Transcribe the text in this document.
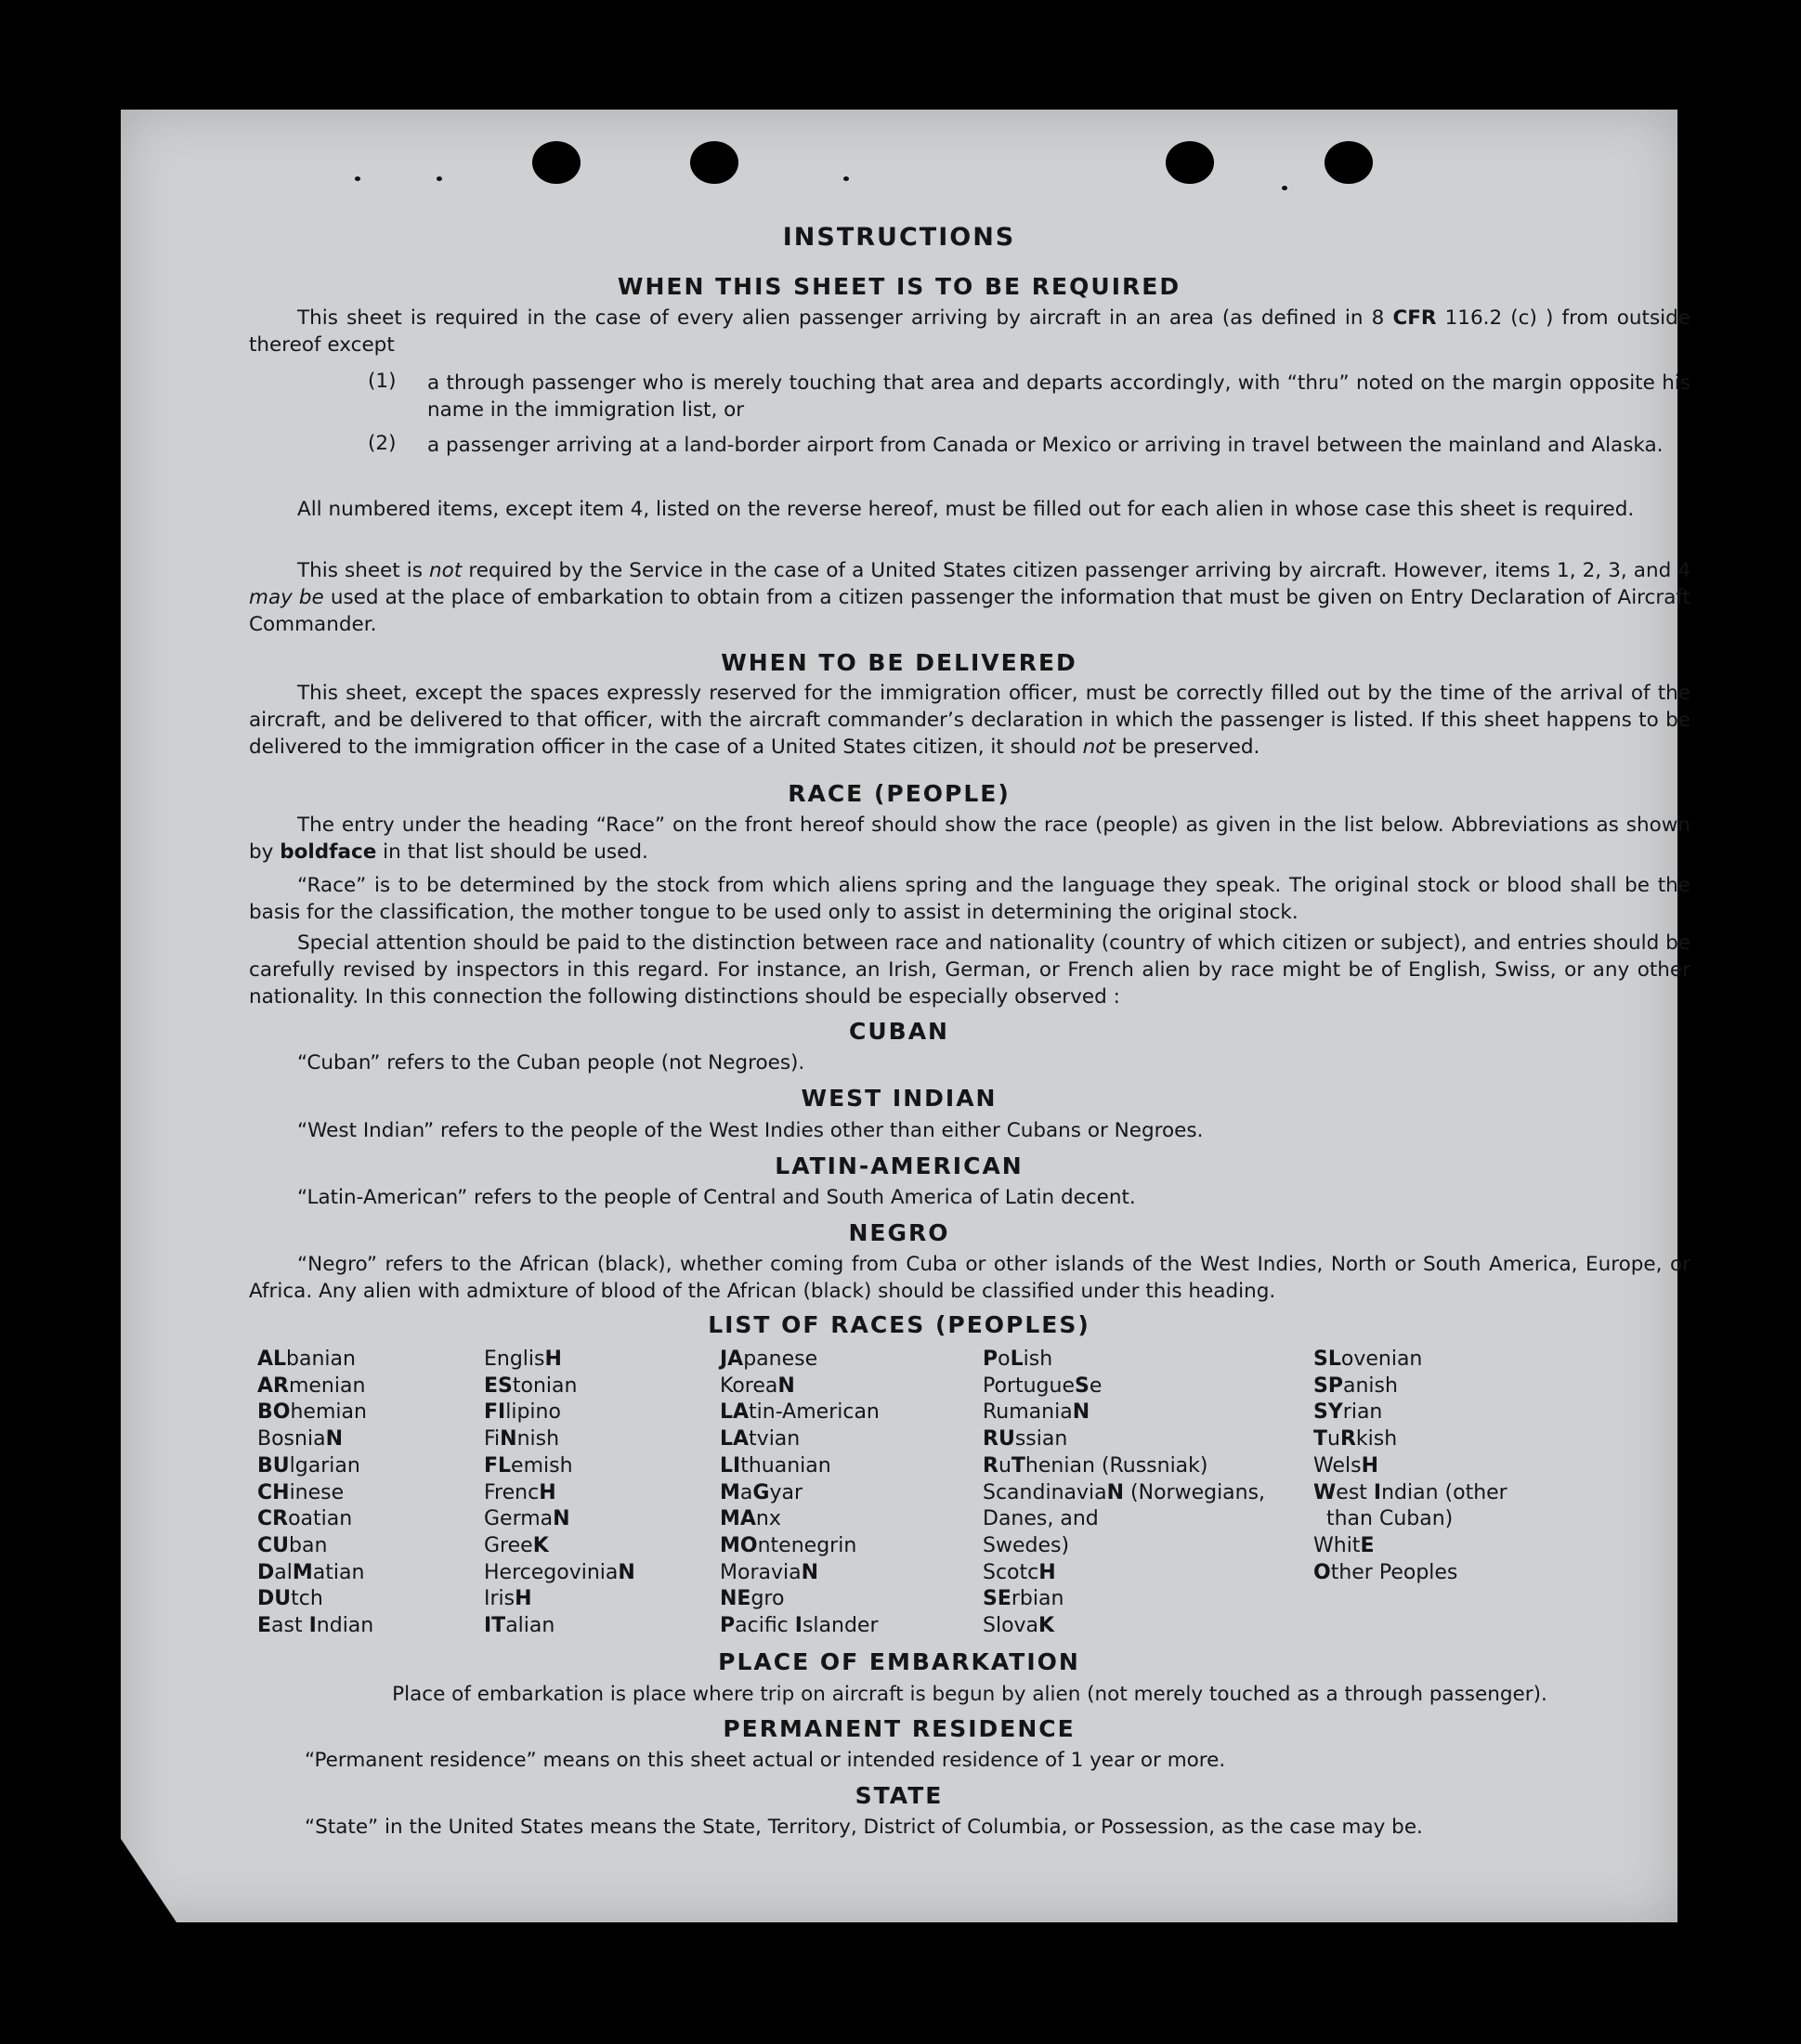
INSTRUCTIONS
WHEN THIS SHEET IS TO BE REQUIRED
This sheet is required in the case of every alien passenger arriving by aircraft in an area (as defined in 8 CFR 116.2 (c) ) from outside thereof except
(1) a through passenger who is merely touching that area and departs accordingly, with “thru” noted on the margin opposite his name in the immigration list, or
(2) a passenger arriving at a land-border airport from Canada or Mexico or arriving in travel between the mainland and Alaska.
All numbered items, except item 4, listed on the reverse hereof, must be filled out for each alien in whose case this sheet is required.
This sheet is not required by the Service in the case of a United States citizen passenger arriving by aircraft. However, items 1, 2, 3, and 4 may be used at the place of embarkation to obtain from a citizen passenger the information that must be given on Entry Declaration of Aircraft Commander.
WHEN TO BE DELIVERED
This sheet, except the spaces expressly reserved for the immigration officer, must be correctly filled out by the time of the arrival of the aircraft, and be delivered to that officer, with the aircraft commander’s declaration in which the passenger is listed. If this sheet happens to be delivered to the immigration officer in the case of a United States citizen, it should not be preserved.
RACE (PEOPLE)
The entry under the heading “Race” on the front hereof should show the race (people) as given in the list below. Abbreviations as shown by boldface in that list should be used.
“Race” is to be determined by the stock from which aliens spring and the language they speak. The original stock or blood shall be the basis for the classification, the mother tongue to be used only to assist in determining the original stock.
Special attention should be paid to the distinction between race and nationality (country of which citizen or subject), and entries should be carefully revised by inspectors in this regard. For instance, an Irish, German, or French alien by race might be of English, Swiss, or any other nationality. In this connection the following distinctions should be especially observed :
CUBAN
“Cuban” refers to the Cuban people (not Negroes).
WEST INDIAN
“West Indian” refers to the people of the West Indies other than either Cubans or Negroes.
LATIN-AMERICAN
“Latin-American” refers to the people of Central and South America of Latin decent.
NEGRO
“Negro” refers to the African (black), whether coming from Cuba or other islands of the West Indies, North or South America, Europe, or Africa. Any alien with admixture of blood of the African (black) should be classified under this heading.
LIST OF RACES (PEOPLES)
ALbanian
ARmenian
BOhemian
BosniaN
BUlgarian
CHinese
CRoatian
CUban
DalMatian
DUtch
East Indian
EnglisH
EStonian
FIlipino
FiNnish
FLemish
FrencH
GermaN
GreeK
HercegoviniaN
IrisH
ITalian
JApanese
KoreaN
LAtin-American
LAtvian
LIthuanian
MaGyar
MAnx
MOntenegrin
MoraviaN
NEgro
Pacific Islander
PoLish
PortugueSe
RumaniaN
RUssian
RuThenian (Russniak)
ScandinaviaN (Norwegians,
Danes, and
Swedes)
ScotcH
SErbian
SlovaK
SLovenian
SPanish
SYrian
TuRkish
WelsH
West Indian (other
than Cuban)
WhitE
Other Peoples
PLACE OF EMBARKATION
Place of embarkation is place where trip on aircraft is begun by alien (not merely touched as a through passenger).
PERMANENT RESIDENCE
“Permanent residence” means on this sheet actual or intended residence of 1 year or more.
STATE
“State” in the United States means the State, Territory, District of Columbia, or Possession, as the case may be.
